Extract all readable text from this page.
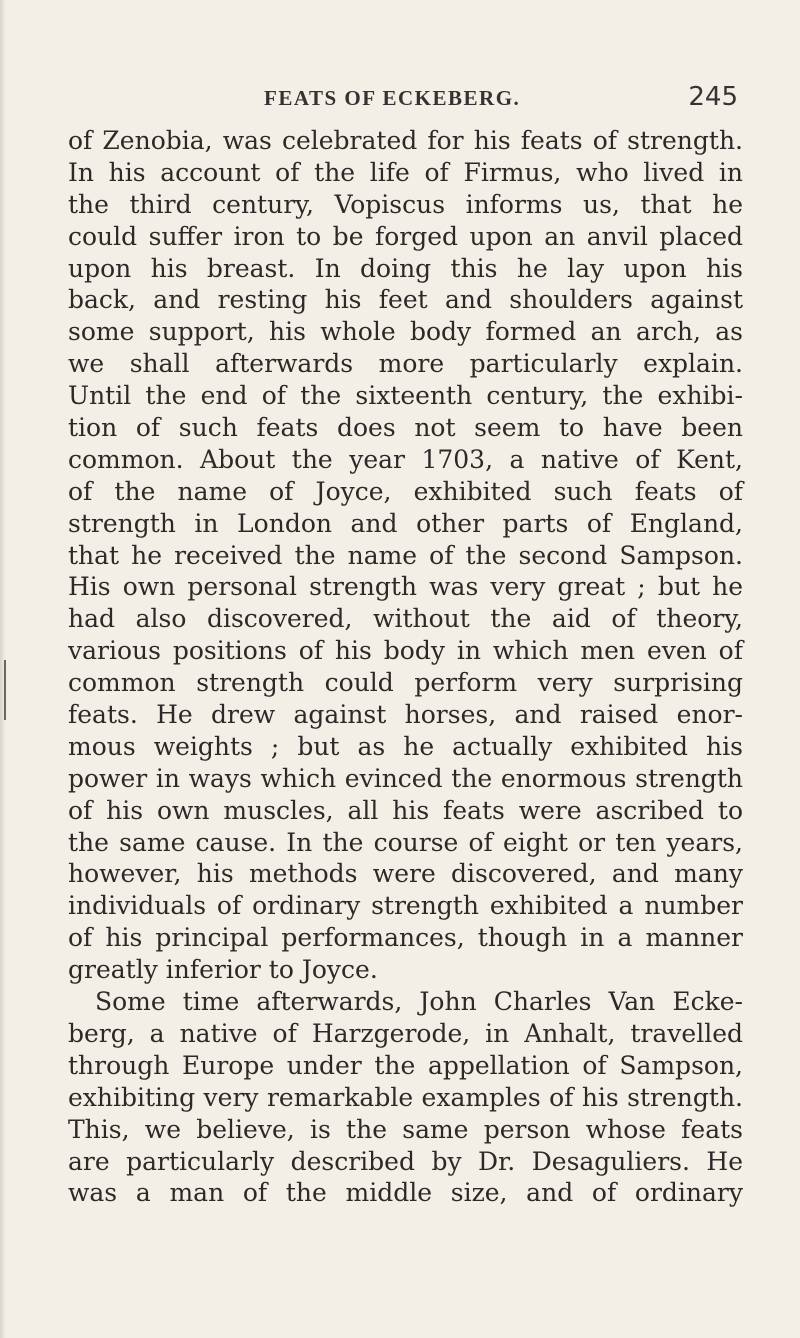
FEATS OF ECKEBERG.	245
of Zenobia, was celebrated for his feats of strength.
In his account of the life of Firmus, who lived in
the third century, Vopiscus informs us, that he
could suffer iron to be forged upon an anvil placed
upon his breast. In doing this he lay upon his
back, and resting his feet and shoulders against
some support, his whole body formed an arch, as
we shall afterwards more particularly explain.
Until the end of the sixteenth century, the exhibi-
tion of such feats does not seem to have been
common. About the year 1703, a native of Kent,
of the name of Joyce, exhibited such feats of
strength in London and other parts of England,
that he received the name of the second Sampson.
His own personal strength was very great ; but he
had also discovered, without the aid of theory,
various positions of his body in which men even of
common strength could perform very surprising
feats. He drew against horses, and raised enor-
mous weights ; but as he actually exhibited his
power in ways which evinced the enormous strength
of his own muscles, all his feats were ascribed to
the same cause. In the course of eight or ten years,
however, his methods were discovered, and many
individuals of ordinary strength exhibited a number
of his principal performances, though in a manner
greatly inferior to Joyce.
Some time afterwards, John Charles Van Ecke-
berg, a native of Harzgerode, in Anhalt, travelled
through Europe under the appellation of Sampson,
exhibiting very remarkable examples of his strength.
This, we believe, is the same person whose feats
are particularly described by Dr. Desaguliers. He
was a man of the middle size, and of ordinary
